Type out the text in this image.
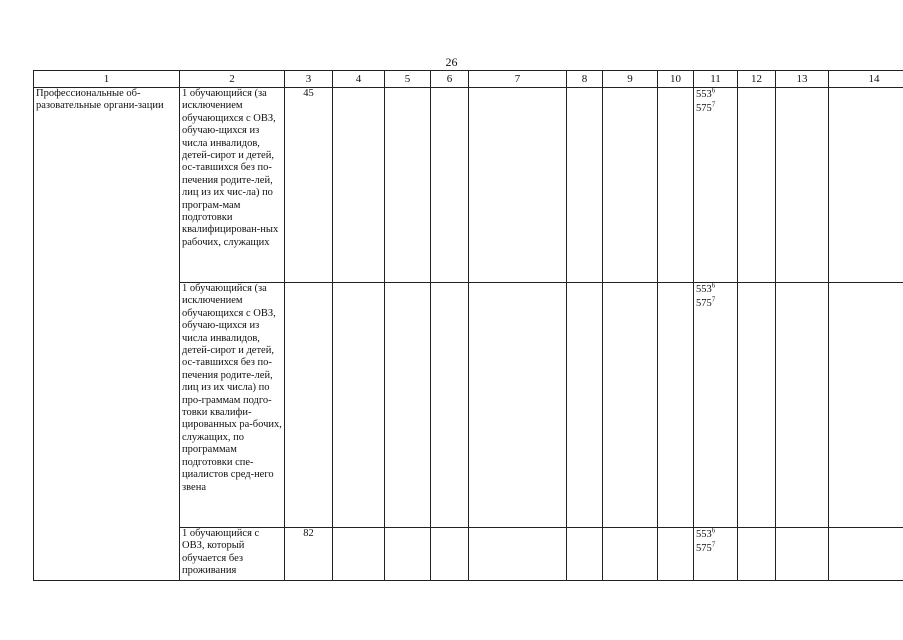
26
1	2	3	4	5	6	7	8	9	10	11	12	13	14
Профессиональные об-разовательные органи-зации	1 обучающийся (за исключением обучающихся с ОВЗ, обучаю-щихся из числа инвалидов, детей-сирот и детей, ос-тавшихся без по-печения родите-лей, лиц из их чис-ла) по програм-мам подготовки квалифицирован-ных рабочих, служащих	45								$553^6$
$575^7$			
	1 обучающийся (за исключением обучающихся с ОВЗ, обучаю-щихся из числа инвалидов, детей-сирот и детей, ос-тавшихся без по-печения родите-лей, лиц из их числа) по про-граммам подго-товки квалифи-цированных ра-бочих, служащих, по программам подготовки спе-циалистов сред-него звена									$553^6$
$575^7$			
	1 обучающийся с ОВЗ, который обучается без проживания	82								$553^6$
$575^7$			
